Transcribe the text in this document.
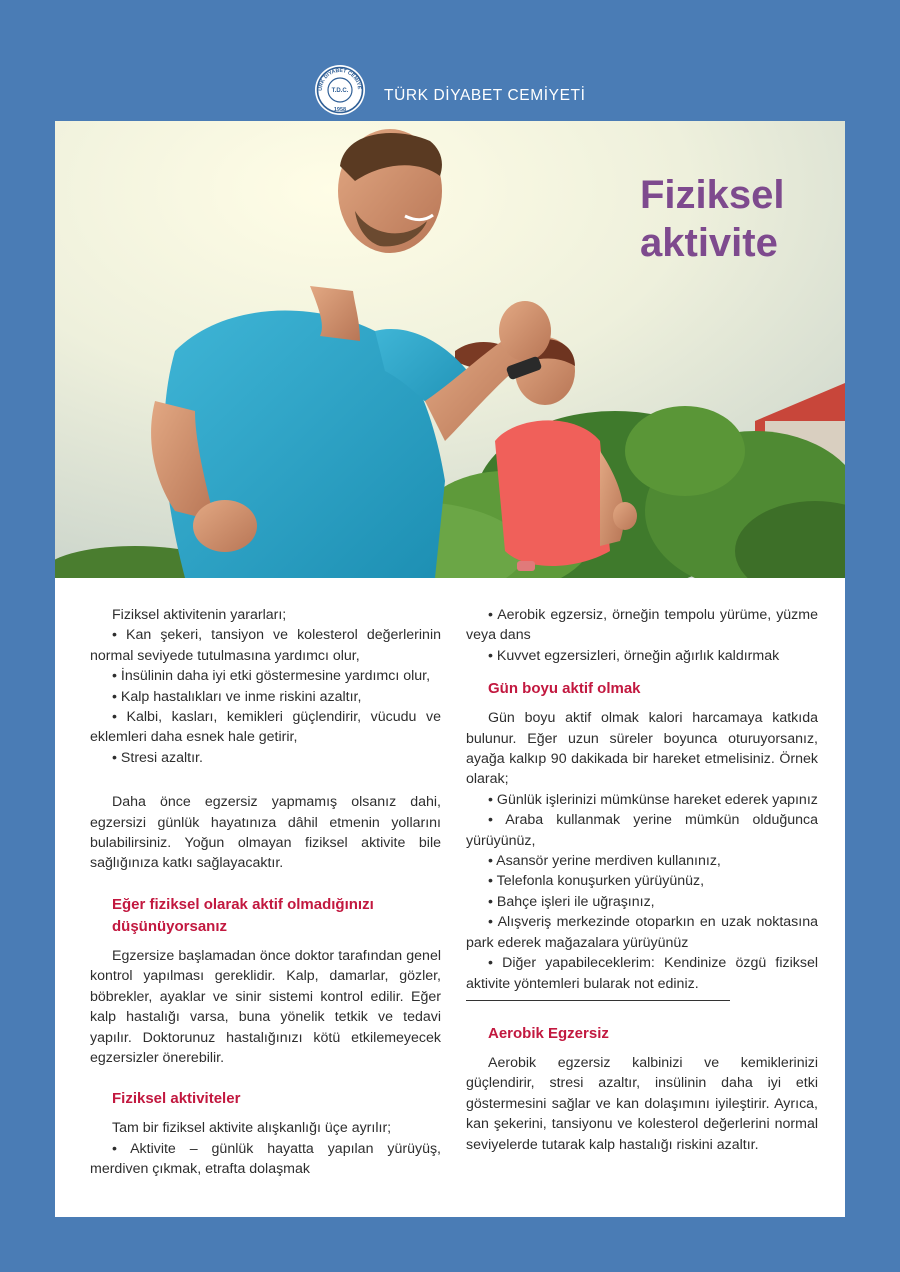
ÜRK DİYABET CEMİYE
T.D.C.
1958
TÜRK DİYABET CEMİYETİ
Fiziksel
aktivite

Fiziksel aktivitenin yararları;

• Kan şekeri, tansiyon ve kolesterol değerlerinin normal seviyede tutulmasına yardımcı olur,

• İnsülinin daha iyi etki göstermesine yardımcı olur,

• Kalp hastalıkları ve inme riskini azaltır,

• Kalbi, kasları, kemikleri güçlendirir, vücudu ve eklemleri daha esnek hale getirir,

• Stresi azaltır.

Daha önce egzersiz yapmamış olsanız dahi, egzersizi günlük hayatınıza dâhil etmenin yollarını bulabilirsiniz. Yoğun olmayan fiziksel aktivite bile sağlığınıza katkı sağlayacaktır.

Eğer fiziksel olarak aktif olmadığınızı düşünüyorsanız

Egzersize başlamadan önce doktor tarafından genel kontrol yapılması gereklidir. Kalp, damarlar, gözler, böbrekler, ayaklar ve sinir sistemi kontrol edilir. Eğer kalp hastalığı varsa, buna yönelik tetkik ve tedavi yapılır. Doktorunuz hastalığınızı kötü etkilemeyecek egzersizler önerebilir.

Fiziksel aktiviteler

Tam bir fiziksel aktivite alışkanlığı üçe ayrılır;

• Aktivite – günlük hayatta yapılan yürüyüş, merdiven çıkmak, etrafta dolaşmak

• Aerobik egzersiz, örneğin tempolu yürüme, yüzme veya dans

• Kuvvet egzersizleri, örneğin ağırlık kaldırmak

Gün boyu aktif olmak

Gün boyu aktif olmak kalori harcamaya katkıda bulunur. Eğer uzun süreler boyunca oturuyorsanız, ayağa kalkıp 90 dakikada bir hareket etmelisiniz. Örnek olarak;

• Günlük işlerinizi mümkünse hareket ederek yapınız

• Araba kullanmak yerine mümkün olduğunca yürüyünüz,

• Asansör yerine merdiven kullanınız,

• Telefonla konuşurken yürüyünüz,

• Bahçe işleri ile uğraşınız,

• Alışveriş merkezinde otoparkın en uzak noktasına park ederek mağazalara yürüyünüz

• Diğer yapabileceklerim: Kendinize özgü fiziksel aktivite yöntemleri bularak not ediniz.

Aerobik Egzersiz

Aerobik egzersiz kalbinizi ve kemiklerinizi güçlendirir, stresi azaltır, insülinin daha iyi etki göstermesini sağlar ve kan dolaşımını iyileştirir. Ayrıca, kan şekerini, tansiyonu ve kolesterol değerlerini normal seviyelerde tutarak kalp hastalığı riskini azaltır.
